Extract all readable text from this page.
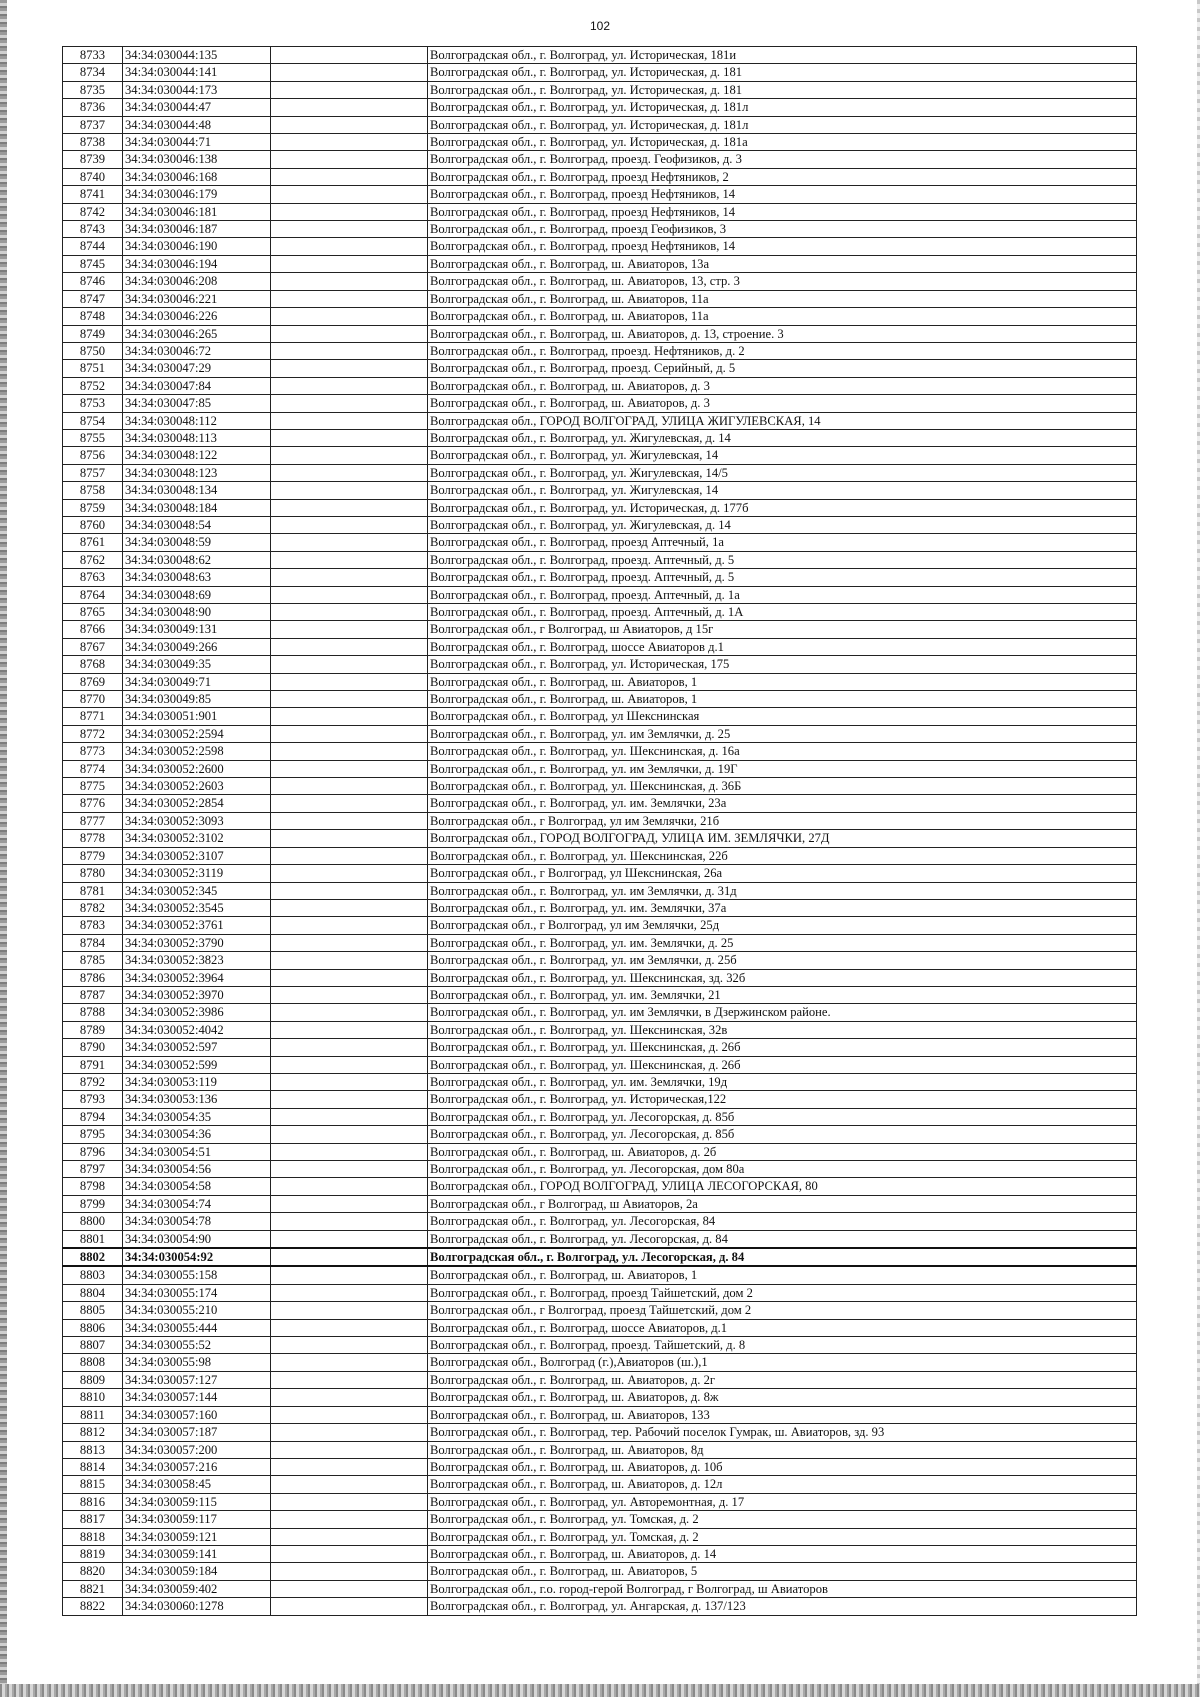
102
8733	34:34:030044:135		Волгоградская обл., г. Волгоград, ул. Историческая, 181и
8734	34:34:030044:141		Волгоградская обл., г. Волгоград, ул. Историческая, д. 181
8735	34:34:030044:173		Волгоградская обл., г. Волгоград, ул. Историческая, д. 181
8736	34:34:030044:47		Волгоградская обл., г. Волгоград, ул. Историческая, д. 181л
8737	34:34:030044:48		Волгоградская обл., г. Волгоград, ул. Историческая, д. 181л
8738	34:34:030044:71		Волгоградская обл., г. Волгоград, ул. Историческая, д. 181а
8739	34:34:030046:138		Волгоградская обл., г. Волгоград, проезд. Геофизиков, д. 3
8740	34:34:030046:168		Волгоградская обл., г. Волгоград, проезд Нефтяников, 2
8741	34:34:030046:179		Волгоградская обл., г. Волгоград, проезд Нефтяников, 14
8742	34:34:030046:181		Волгоградская обл., г. Волгоград, проезд Нефтяников, 14
8743	34:34:030046:187		Волгоградская обл., г. Волгоград, проезд Геофизиков, 3
8744	34:34:030046:190		Волгоградская обл., г. Волгоград, проезд Нефтяников, 14
8745	34:34:030046:194		Волгоградская обл., г. Волгоград, ш. Авиаторов, 13а
8746	34:34:030046:208		Волгоградская обл., г. Волгоград, ш. Авиаторов, 13, стр. 3
8747	34:34:030046:221		Волгоградская обл., г. Волгоград, ш. Авиаторов, 11а
8748	34:34:030046:226		Волгоградская обл., г. Волгоград, ш. Авиаторов, 11а
8749	34:34:030046:265		Волгоградская обл., г. Волгоград, ш. Авиаторов, д. 13, строение. 3
8750	34:34:030046:72		Волгоградская обл., г. Волгоград, проезд. Нефтяников, д. 2
8751	34:34:030047:29		Волгоградская обл., г. Волгоград, проезд. Серийный, д. 5
8752	34:34:030047:84		Волгоградская обл., г. Волгоград, ш. Авиаторов, д. 3
8753	34:34:030047:85		Волгоградская обл., г. Волгоград, ш. Авиаторов, д. 3
8754	34:34:030048:112		Волгоградская обл., ГОРОД ВОЛГОГРАД, УЛИЦА ЖИГУЛЕВСКАЯ, 14
8755	34:34:030048:113		Волгоградская обл., г. Волгоград, ул. Жигулевская, д. 14
8756	34:34:030048:122		Волгоградская обл., г. Волгоград, ул. Жигулевская, 14
8757	34:34:030048:123		Волгоградская обл., г. Волгоград, ул. Жигулевская, 14/5
8758	34:34:030048:134		Волгоградская обл., г. Волгоград, ул. Жигулевская, 14
8759	34:34:030048:184		Волгоградская обл., г. Волгоград, ул. Историческая, д. 177б
8760	34:34:030048:54		Волгоградская обл., г. Волгоград, ул. Жигулевская, д. 14
8761	34:34:030048:59		Волгоградская обл., г. Волгоград, проезд Аптечный, 1а
8762	34:34:030048:62		Волгоградская обл., г. Волгоград, проезд. Аптечный, д. 5
8763	34:34:030048:63		Волгоградская обл., г. Волгоград, проезд. Аптечный, д. 5
8764	34:34:030048:69		Волгоградская обл., г. Волгоград, проезд. Аптечный, д. 1а
8765	34:34:030048:90		Волгоградская обл., г. Волгоград, проезд. Аптечный, д. 1А
8766	34:34:030049:131		Волгоградская обл., г Волгоград, ш Авиаторов, д 15г
8767	34:34:030049:266		Волгоградская обл., г. Волгоград, шоссе Авиаторов д.1
8768	34:34:030049:35		Волгоградская обл., г. Волгоград, ул. Историческая, 175
8769	34:34:030049:71		Волгоградская обл., г. Волгоград, ш. Авиаторов, 1
8770	34:34:030049:85		Волгоградская обл., г. Волгоград, ш. Авиаторов, 1
8771	34:34:030051:901		Волгоградская обл., г. Волгоград, ул Шекснинская
8772	34:34:030052:2594		Волгоградская обл., г. Волгоград, ул. им Землячки, д. 25
8773	34:34:030052:2598		Волгоградская обл., г. Волгоград, ул. Шекснинская, д. 16а
8774	34:34:030052:2600		Волгоградская обл., г. Волгоград, ул. им Землячки, д. 19Г
8775	34:34:030052:2603		Волгоградская обл., г. Волгоград, ул. Шекснинская, д. 36Б
8776	34:34:030052:2854		Волгоградская обл., г. Волгоград, ул. им. Землячки, 23а
8777	34:34:030052:3093		Волгоградская обл., г Волгоград, ул им Землячки, 21б
8778	34:34:030052:3102		Волгоградская обл., ГОРОД ВОЛГОГРАД, УЛИЦА ИМ. ЗЕМЛЯЧКИ, 27Д
8779	34:34:030052:3107		Волгоградская обл., г. Волгоград, ул. Шекснинская, 22б
8780	34:34:030052:3119		Волгоградская обл., г Волгоград, ул Шекснинская, 26а
8781	34:34:030052:345		Волгоградская обл., г. Волгоград, ул. им Землячки, д. 31д
8782	34:34:030052:3545		Волгоградская обл., г. Волгоград, ул. им. Землячки, 37а
8783	34:34:030052:3761		Волгоградская обл., г Волгоград, ул им Землячки, 25д
8784	34:34:030052:3790		Волгоградская обл., г. Волгоград, ул. им. Землячки, д. 25
8785	34:34:030052:3823		Волгоградская обл., г. Волгоград, ул. им Землячки, д. 25б
8786	34:34:030052:3964		Волгоградская обл., г. Волгоград, ул. Шекснинская, зд. 32б
8787	34:34:030052:3970		Волгоградская обл., г. Волгоград, ул. им. Землячки, 21
8788	34:34:030052:3986		Волгоградская обл., г. Волгоград, ул. им Землячки, в Дзержинском районе.
8789	34:34:030052:4042		Волгоградская обл., г. Волгоград, ул. Шекснинская, 32в
8790	34:34:030052:597		Волгоградская обл., г. Волгоград, ул. Шекснинская, д. 26б
8791	34:34:030052:599		Волгоградская обл., г. Волгоград, ул. Шекснинская, д. 26б
8792	34:34:030053:119		Волгоградская обл., г. Волгоград, ул. им. Землячки, 19д
8793	34:34:030053:136		Волгоградская обл., г. Волгоград, ул. Историческая,122
8794	34:34:030054:35		Волгоградская обл., г. Волгоград, ул. Лесогорская, д. 85б
8795	34:34:030054:36		Волгоградская обл., г. Волгоград, ул. Лесогорская, д. 85б
8796	34:34:030054:51		Волгоградская обл., г. Волгоград, ш. Авиаторов, д. 2б
8797	34:34:030054:56		Волгоградская обл., г. Волгоград, ул. Лесогорская, дом 80а
8798	34:34:030054:58		Волгоградская обл., ГОРОД ВОЛГОГРАД, УЛИЦА ЛЕСОГОРСКАЯ, 80
8799	34:34:030054:74		Волгоградская обл., г Волгоград, ш Авиаторов, 2а
8800	34:34:030054:78		Волгоградская обл., г. Волгоград, ул. Лесогорская, 84
8801	34:34:030054:90		Волгоградская обл., г. Волгоград, ул. Лесогорская, д. 84
8802	34:34:030054:92		Волгоградская обл., г. Волгоград, ул. Лесогорская, д. 84
8803	34:34:030055:158		Волгоградская обл., г. Волгоград, ш. Авиаторов, 1
8804	34:34:030055:174		Волгоградская обл., г. Волгоград, проезд Тайшетский, дом 2
8805	34:34:030055:210		Волгоградская обл., г Волгоград, проезд Тайшетский, дом 2
8806	34:34:030055:444		Волгоградская обл., г. Волгоград, шоссе Авиаторов, д.1
8807	34:34:030055:52		Волгоградская обл., г. Волгоград, проезд. Тайшетский, д. 8
8808	34:34:030055:98		Волгоградская обл., Волгоград (г.),Авиаторов (ш.),1
8809	34:34:030057:127		Волгоградская обл., г. Волгоград, ш. Авиаторов, д. 2г
8810	34:34:030057:144		Волгоградская обл., г. Волгоград, ш. Авиаторов, д. 8ж
8811	34:34:030057:160		Волгоградская обл., г. Волгоград, ш. Авиаторов, 133
8812	34:34:030057:187		Волгоградская обл., г. Волгоград, тер. Рабочий поселок Гумрак, ш. Авиаторов, зд. 93
8813	34:34:030057:200		Волгоградская обл., г. Волгоград, ш. Авиаторов, 8д
8814	34:34:030057:216		Волгоградская обл., г. Волгоград, ш. Авиаторов, д. 10б
8815	34:34:030058:45		Волгоградская обл., г. Волгоград, ш. Авиаторов, д. 12л
8816	34:34:030059:115		Волгоградская обл., г. Волгоград, ул. Авторемонтная, д. 17
8817	34:34:030059:117		Волгоградская обл., г. Волгоград, ул. Томская, д. 2
8818	34:34:030059:121		Волгоградская обл., г. Волгоград, ул. Томская, д. 2
8819	34:34:030059:141		Волгоградская обл., г. Волгоград, ш. Авиаторов, д. 14
8820	34:34:030059:184		Волгоградская обл., г. Волгоград, ш. Авиаторов, 5
8821	34:34:030059:402		Волгоградская обл., г.о. город-герой Волгоград, г Волгоград, ш Авиаторов
8822	34:34:030060:1278		Волгоградская обл., г. Волгоград, ул. Ангарская, д. 137/123
